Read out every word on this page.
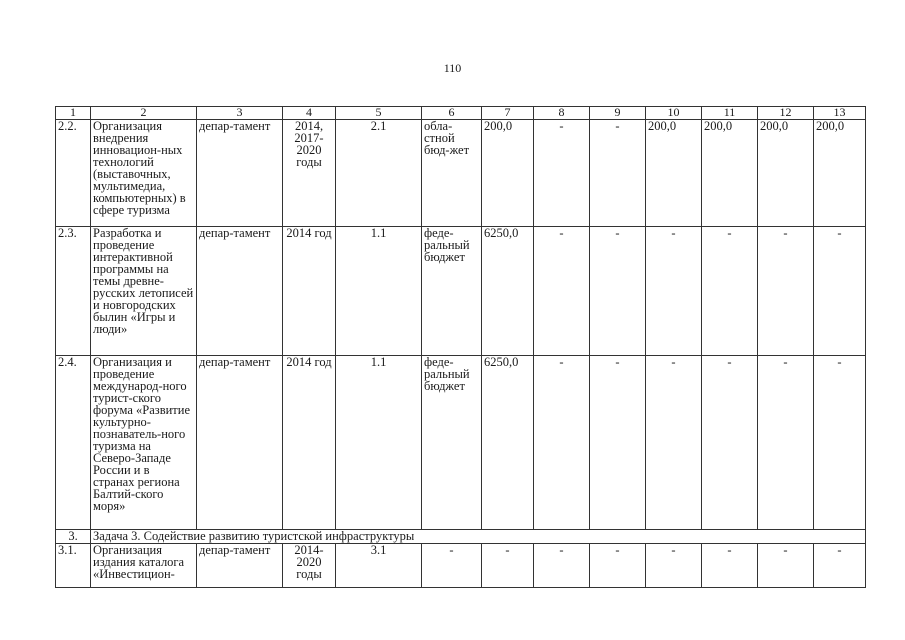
110
1	2	3	4	5	6	7	8	9	10	11	12	13
2.2.	Организация внедрения инновацион-ных технологий (выставочных, мультимедиа, компьютерных) в сфере туризма	депар-тамент	2014, 2017-2020 годы	2.1	обла-стной бюд-жет	200,0	-	-	200,0	200,0	200,0	200,0
2.3.	Разработка и проведение интерактивной программы на темы древне-русских летописей и новгородских былин «Игры и люди»	депар-тамент	2014 год	1.1	феде-ральный бюджет	6250,0	-	-	-	-	-	-
2.4.	Организация и проведение международ-ного турист-ского форума «Развитие культурно-познаватель-ного туризма на Северо-Западе России и в странах региона Балтий-ского моря»	депар-тамент	2014 год	1.1	феде-ральный бюджет	6250,0	-	-	-	-	-	-
3.	Задача 3. Содействие развитию туристской инфраструктуры											
3.1.	Организация издания каталога «Инвестицион-	депар-тамент	2014-2020 годы	3.1	-	-	-	-	-	-	-	-
